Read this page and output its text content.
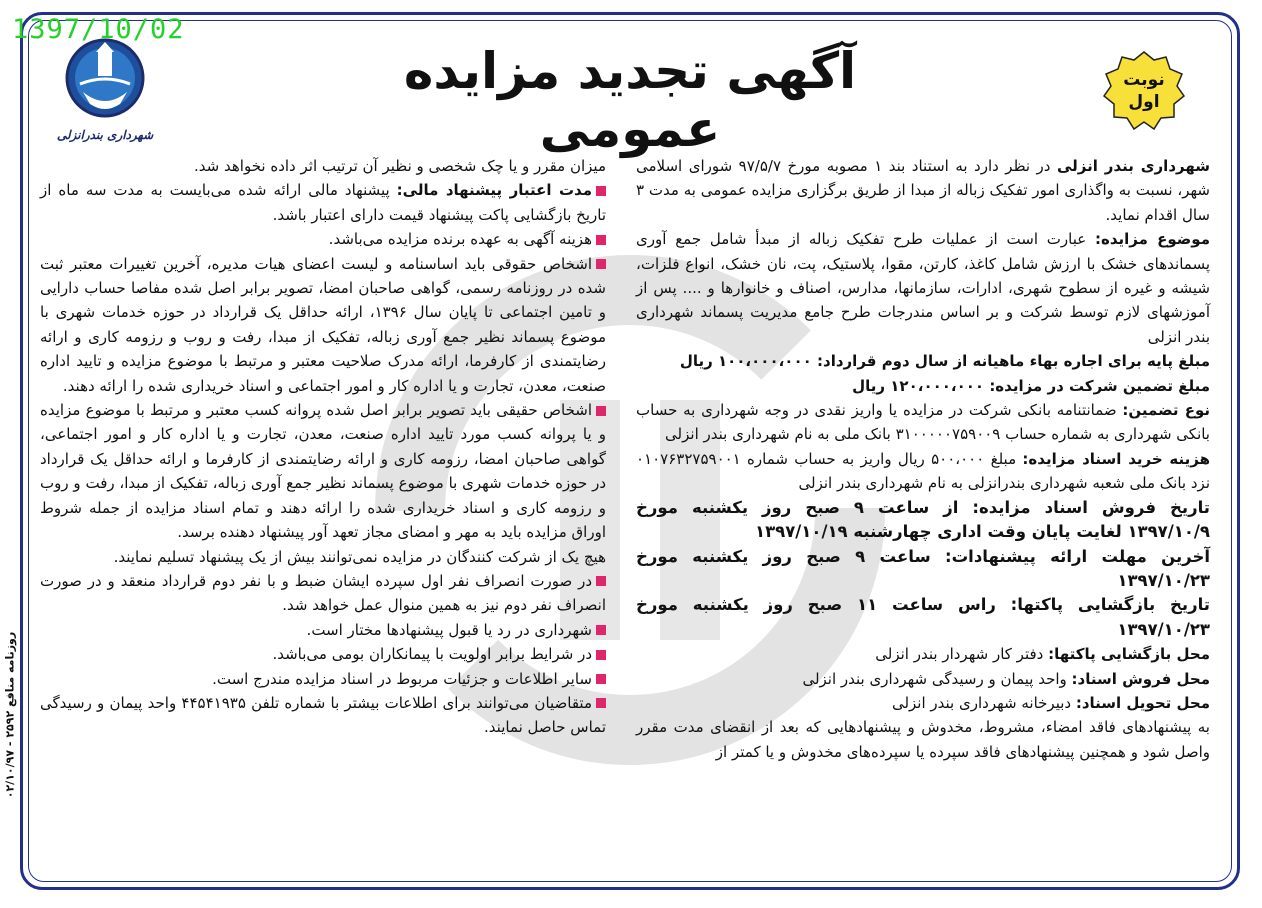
1397/10/02
روزنامه منافع ۲۵۹۲ - ۰۲/۱۰/۹۷
نوبت
اول
آگهی تجدید مزایده عمومی
شهرداری بندرانزلی

شهرداری بندر انزلی در نظر دارد به استناد بند ۱ مصوبه مورخ ۹۷/۵/۷ شورای اسلامی شهر، نسبت به واگذاری امور تفکیک زباله از مبدا از طریق برگزاری مزایده عمومی به مدت ۳ سال اقدام نماید.

موضوع مزایده: عبارت است از عملیات طرح تفکیک زباله از مبدأ شامل جمع آوری پسماندهای خشک با ارزش شامل کاغذ، کارتن، مقوا، پلاستیک، پت، نان خشک، انواع فلزات، شیشه و غیره از سطوح شهری، ادارات، سازمانها، مدارس، اصناف و خانوارها و .... پس از آموزشهای لازم توسط شرکت و بر اساس مندرجات طرح جامع مدیریت پسماند شهرداری بندر انزلی

مبلغ پایه برای اجاره بهاء ماهیانه از سال دوم قرارداد: ۱۰۰،۰۰۰،۰۰۰ ریال

مبلغ تضمین شرکت در مزایده: ۱۲۰،۰۰۰،۰۰۰ ریال

نوع تضمین: ضمانتنامه بانکی شرکت در مزایده یا واریز نقدی در وجه شهرداری به حساب بانکی شهرداری به شماره حساب ۳۱۰۰۰۰۰۷۵۹۰۰۹ بانک ملی به نام شهرداری بندر انزلی

هزینه خرید اسناد مزایده: مبلغ ۵۰۰،۰۰۰ ریال واریز به حساب شماره ۰۱۰۷۶۳۲۷۵۹۰۰۱ نزد بانک ملی شعبه شهرداری بندرانزلی به نام شهرداری بندر انزلی

تاریخ فروش اسناد مزایده: از ساعت ۹ صبح روز یکشنبه مورخ ۱۳۹۷/۱۰/۹ لغایت پایان وقت اداری چهارشنبه ۱۳۹۷/۱۰/۱۹

آخرین مهلت ارائه پیشنهادات: ساعت ۹ صبح روز یکشنبه مورخ ۱۳۹۷/۱۰/۲۳

تاریخ بازگشایی پاکتها: راس ساعت ۱۱ صبح روز یکشنبه مورخ ۱۳۹۷/۱۰/۲۳

محل بازگشایی پاکتها: دفتر کار شهردار بندر انزلی

محل فروش اسناد: واحد پیمان و رسیدگی شهرداری بندر انزلی

محل تحویل اسناد: دبیرخانه شهرداری بندر انزلی

به پیشنهادهای فاقد امضاء، مشروط، مخدوش و پیشنهادهایی که بعد از انقضای مدت مقرر واصل شود و همچنین پیشنهادهای فاقد سپرده یا سپرده‌های مخدوش و یا کمتر از

میزان مقرر و یا چک شخصی و نظیر آن ترتیب اثر داده نخواهد شد.

مدت اعتبار پیشنهاد مالی: پیشنهاد مالی ارائه شده می‌بایست به مدت سه ماه از تاریخ بازگشایی پاکت پیشنهاد قیمت دارای اعتبار باشد.

هزینه آگهی به عهده برنده مزایده می‌باشد.

اشخاص حقوقی باید اساسنامه و لیست اعضای هیات مدیره، آخرین تغییرات معتبر ثبت شده در روزنامه رسمی، گواهی صاحبان امضا، تصویر برابر اصل شده مفاصا حساب دارایی و تامین اجتماعی تا پایان سال ۱۳۹۶، ارائه حداقل یک قرارداد در حوزه خدمات شهری با موضوع پسماند نظیر جمع آوری زباله، تفکیک از مبدا، رفت و روب و رزومه کاری و ارائه رضایتمندی از کارفرما، ارائه مدرک صلاحیت معتبر و مرتبط با موضوع مزایده و تایید اداره صنعت، معدن، تجارت و یا اداره کار و امور اجتماعی و اسناد خریداری شده را ارائه دهند.

اشخاص حقیقی باید تصویر برابر اصل شده پروانه کسب معتبر و مرتبط با موضوع مزایده و یا پروانه کسب مورد تایید اداره صنعت، معدن، تجارت و یا اداره کار و امور اجتماعی، گواهی صاحبان امضا، رزومه کاری و ارائه رضایتمندی از کارفرما و ارائه حداقل یک قرارداد در حوزه خدمات شهری با موضوع پسماند نظیر جمع آوری زباله، تفکیک از مبدا، رفت و روب و رزومه کاری و اسناد خریداری شده را ارائه دهند و تمام اسناد مزایده از جمله شروط اوراق مزایده باید به مهر و امضای مجاز تعهد آور پیشنهاد دهنده برسد.

هیچ یک از شرکت کنندگان در مزایده نمی‌توانند بیش از یک پیشنهاد تسلیم نمایند.

در صورت انصراف نفر اول سپرده ایشان ضبط و با نفر دوم قرارداد منعقد و در صورت انصراف نفر دوم نیز به همین منوال عمل خواهد شد.

شهرداری در رد یا قبول پیشنهادها مختار است.

در شرایط برابر اولویت با پیمانکاران بومی می‌باشد.

سایر اطلاعات و جزئیات مربوط در اسناد مزایده مندرج است.

متقاضیان می‌توانند برای اطلاعات بیشتر با شماره تلفن ۴۴۵۴۱۹۳۵ واحد پیمان و رسیدگی تماس حاصل نمایند.
